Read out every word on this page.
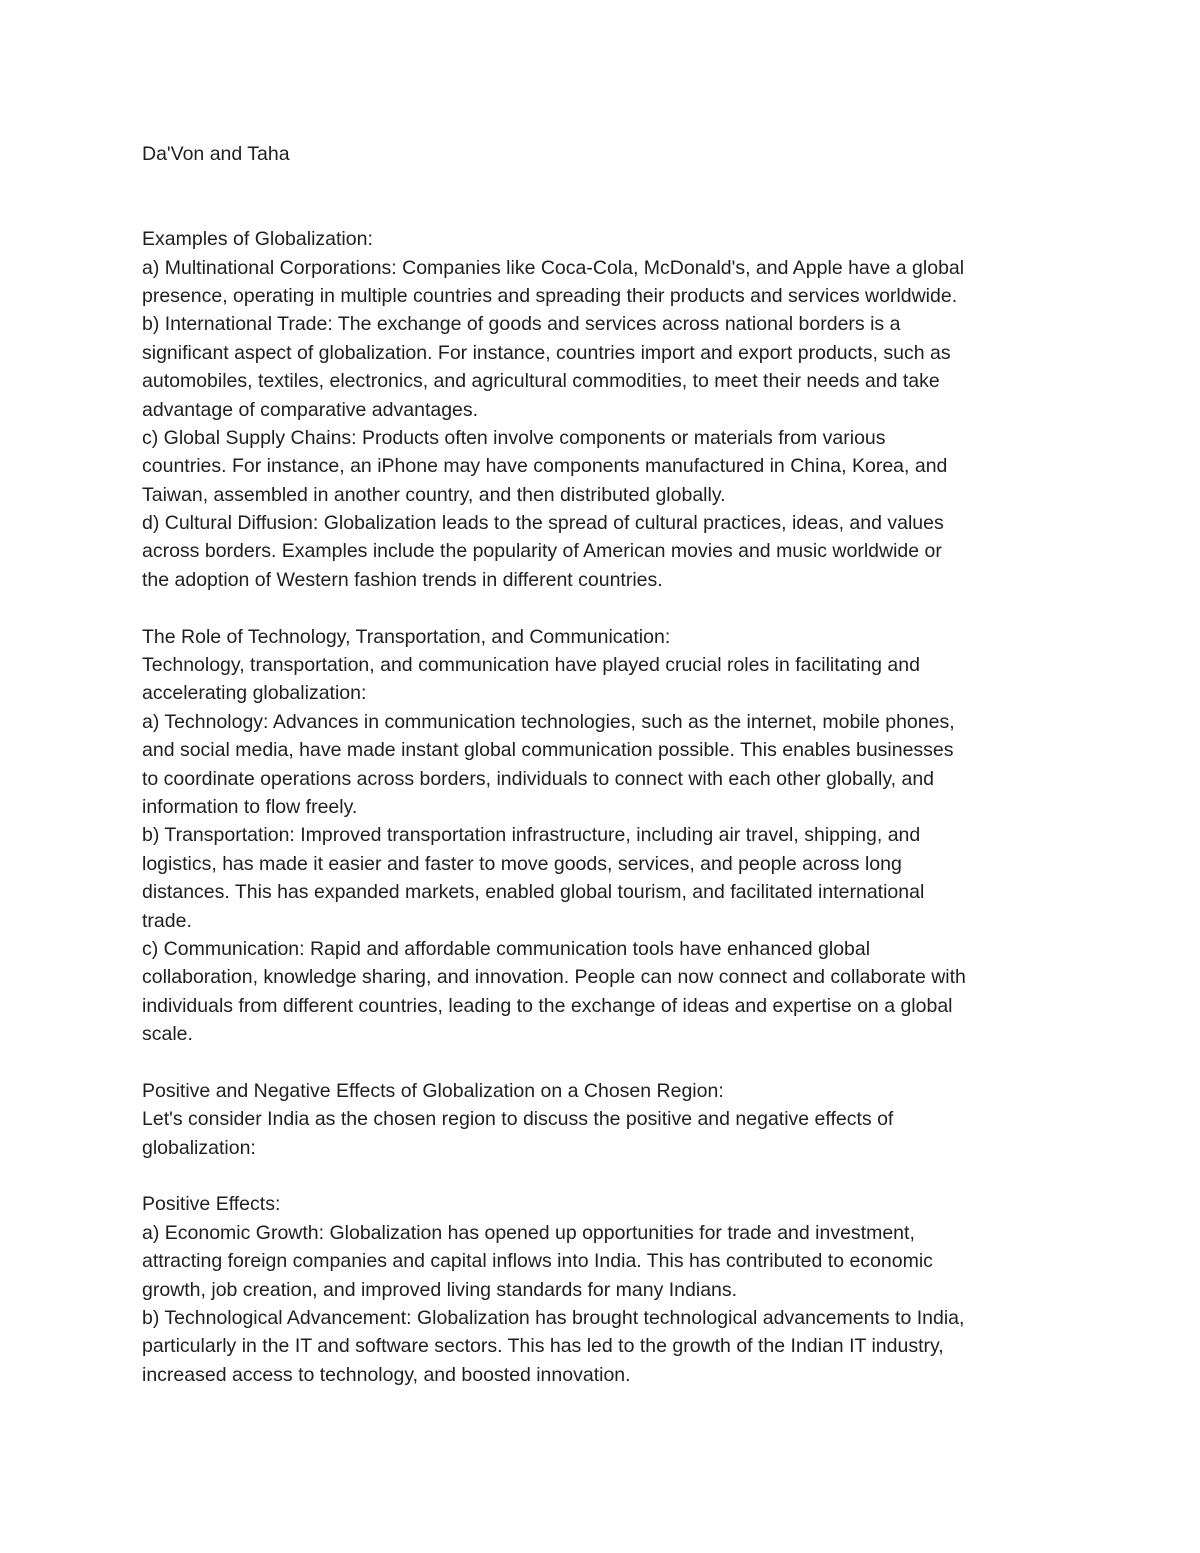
Da'Von and Taha
Examples of Globalization:
a) Multinational Corporations: Companies like Coca-Cola, McDonald's, and Apple have a global
presence, operating in multiple countries and spreading their products and services worldwide.
b) International Trade: The exchange of goods and services across national borders is a
significant aspect of globalization. For instance, countries import and export products, such as
automobiles, textiles, electronics, and agricultural commodities, to meet their needs and take
advantage of comparative advantages.
c) Global Supply Chains: Products often involve components or materials from various
countries. For instance, an iPhone may have components manufactured in China, Korea, and
Taiwan, assembled in another country, and then distributed globally.
d) Cultural Diffusion: Globalization leads to the spread of cultural practices, ideas, and values
across borders. Examples include the popularity of American movies and music worldwide or
the adoption of Western fashion trends in different countries.
The Role of Technology, Transportation, and Communication:
Technology, transportation, and communication have played crucial roles in facilitating and
accelerating globalization:
a) Technology: Advances in communication technologies, such as the internet, mobile phones,
and social media, have made instant global communication possible. This enables businesses
to coordinate operations across borders, individuals to connect with each other globally, and
information to flow freely.
b) Transportation: Improved transportation infrastructure, including air travel, shipping, and
logistics, has made it easier and faster to move goods, services, and people across long
distances. This has expanded markets, enabled global tourism, and facilitated international
trade.
c) Communication: Rapid and affordable communication tools have enhanced global
collaboration, knowledge sharing, and innovation. People can now connect and collaborate with
individuals from different countries, leading to the exchange of ideas and expertise on a global
scale.
Positive and Negative Effects of Globalization on a Chosen Region:
Let's consider India as the chosen region to discuss the positive and negative effects of
globalization:
Positive Effects:
a) Economic Growth: Globalization has opened up opportunities for trade and investment,
attracting foreign companies and capital inflows into India. This has contributed to economic
growth, job creation, and improved living standards for many Indians.
b) Technological Advancement: Globalization has brought technological advancements to India,
particularly in the IT and software sectors. This has led to the growth of the Indian IT industry,
increased access to technology, and boosted innovation.
